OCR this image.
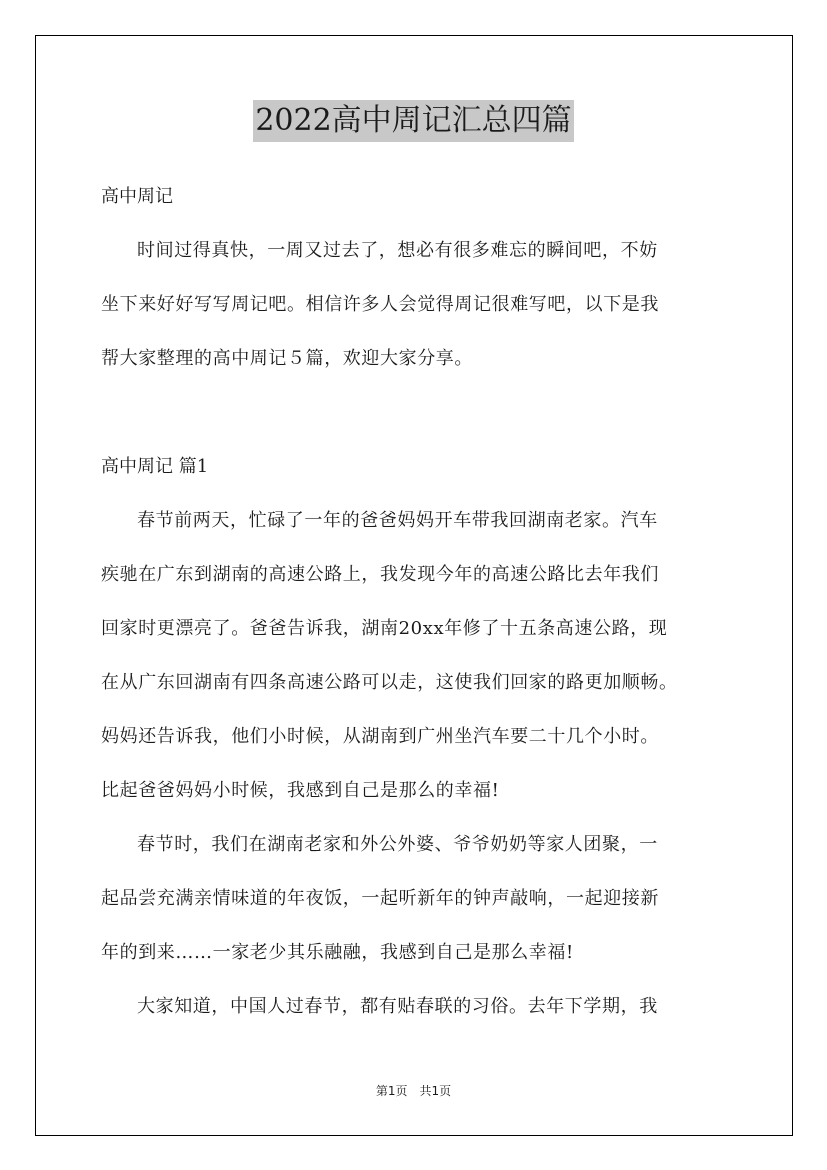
2022高中周记汇总四篇
高中周记

时间过得真快，一周又过去了，想必有很多难忘的瞬间吧，不妨
坐下来好好写写周记吧。相信许多人会觉得周记很难写吧，以下是我
帮大家整理的高中周记５篇，欢迎大家分享。

高中周记 篇1

春节前两天，忙碌了一年的爸爸妈妈开车带我回湖南老家。汽车
疾驰在广东到湖南的高速公路上，我发现今年的高速公路比去年我们
回家时更漂亮了。爸爸告诉我，湖南20xx年修了十五条高速公路，现
在从广东回湖南有四条高速公路可以走，这使我们回家的路更加顺畅。
妈妈还告诉我，他们小时候，从湖南到广州坐汽车要二十几个小时。
比起爸爸妈妈小时候，我感到自己是那么的幸福!

春节时，我们在湖南老家和外公外婆、爷爷奶奶等家人团聚，一
起品尝充满亲情味道的年夜饭，一起听新年的钟声敲响，一起迎接新
年的到来……一家老少其乐融融，我感到自己是那么幸福!

大家知道，中国人过春节，都有贴春联的习俗。去年下学期，我

第1页　共1页
